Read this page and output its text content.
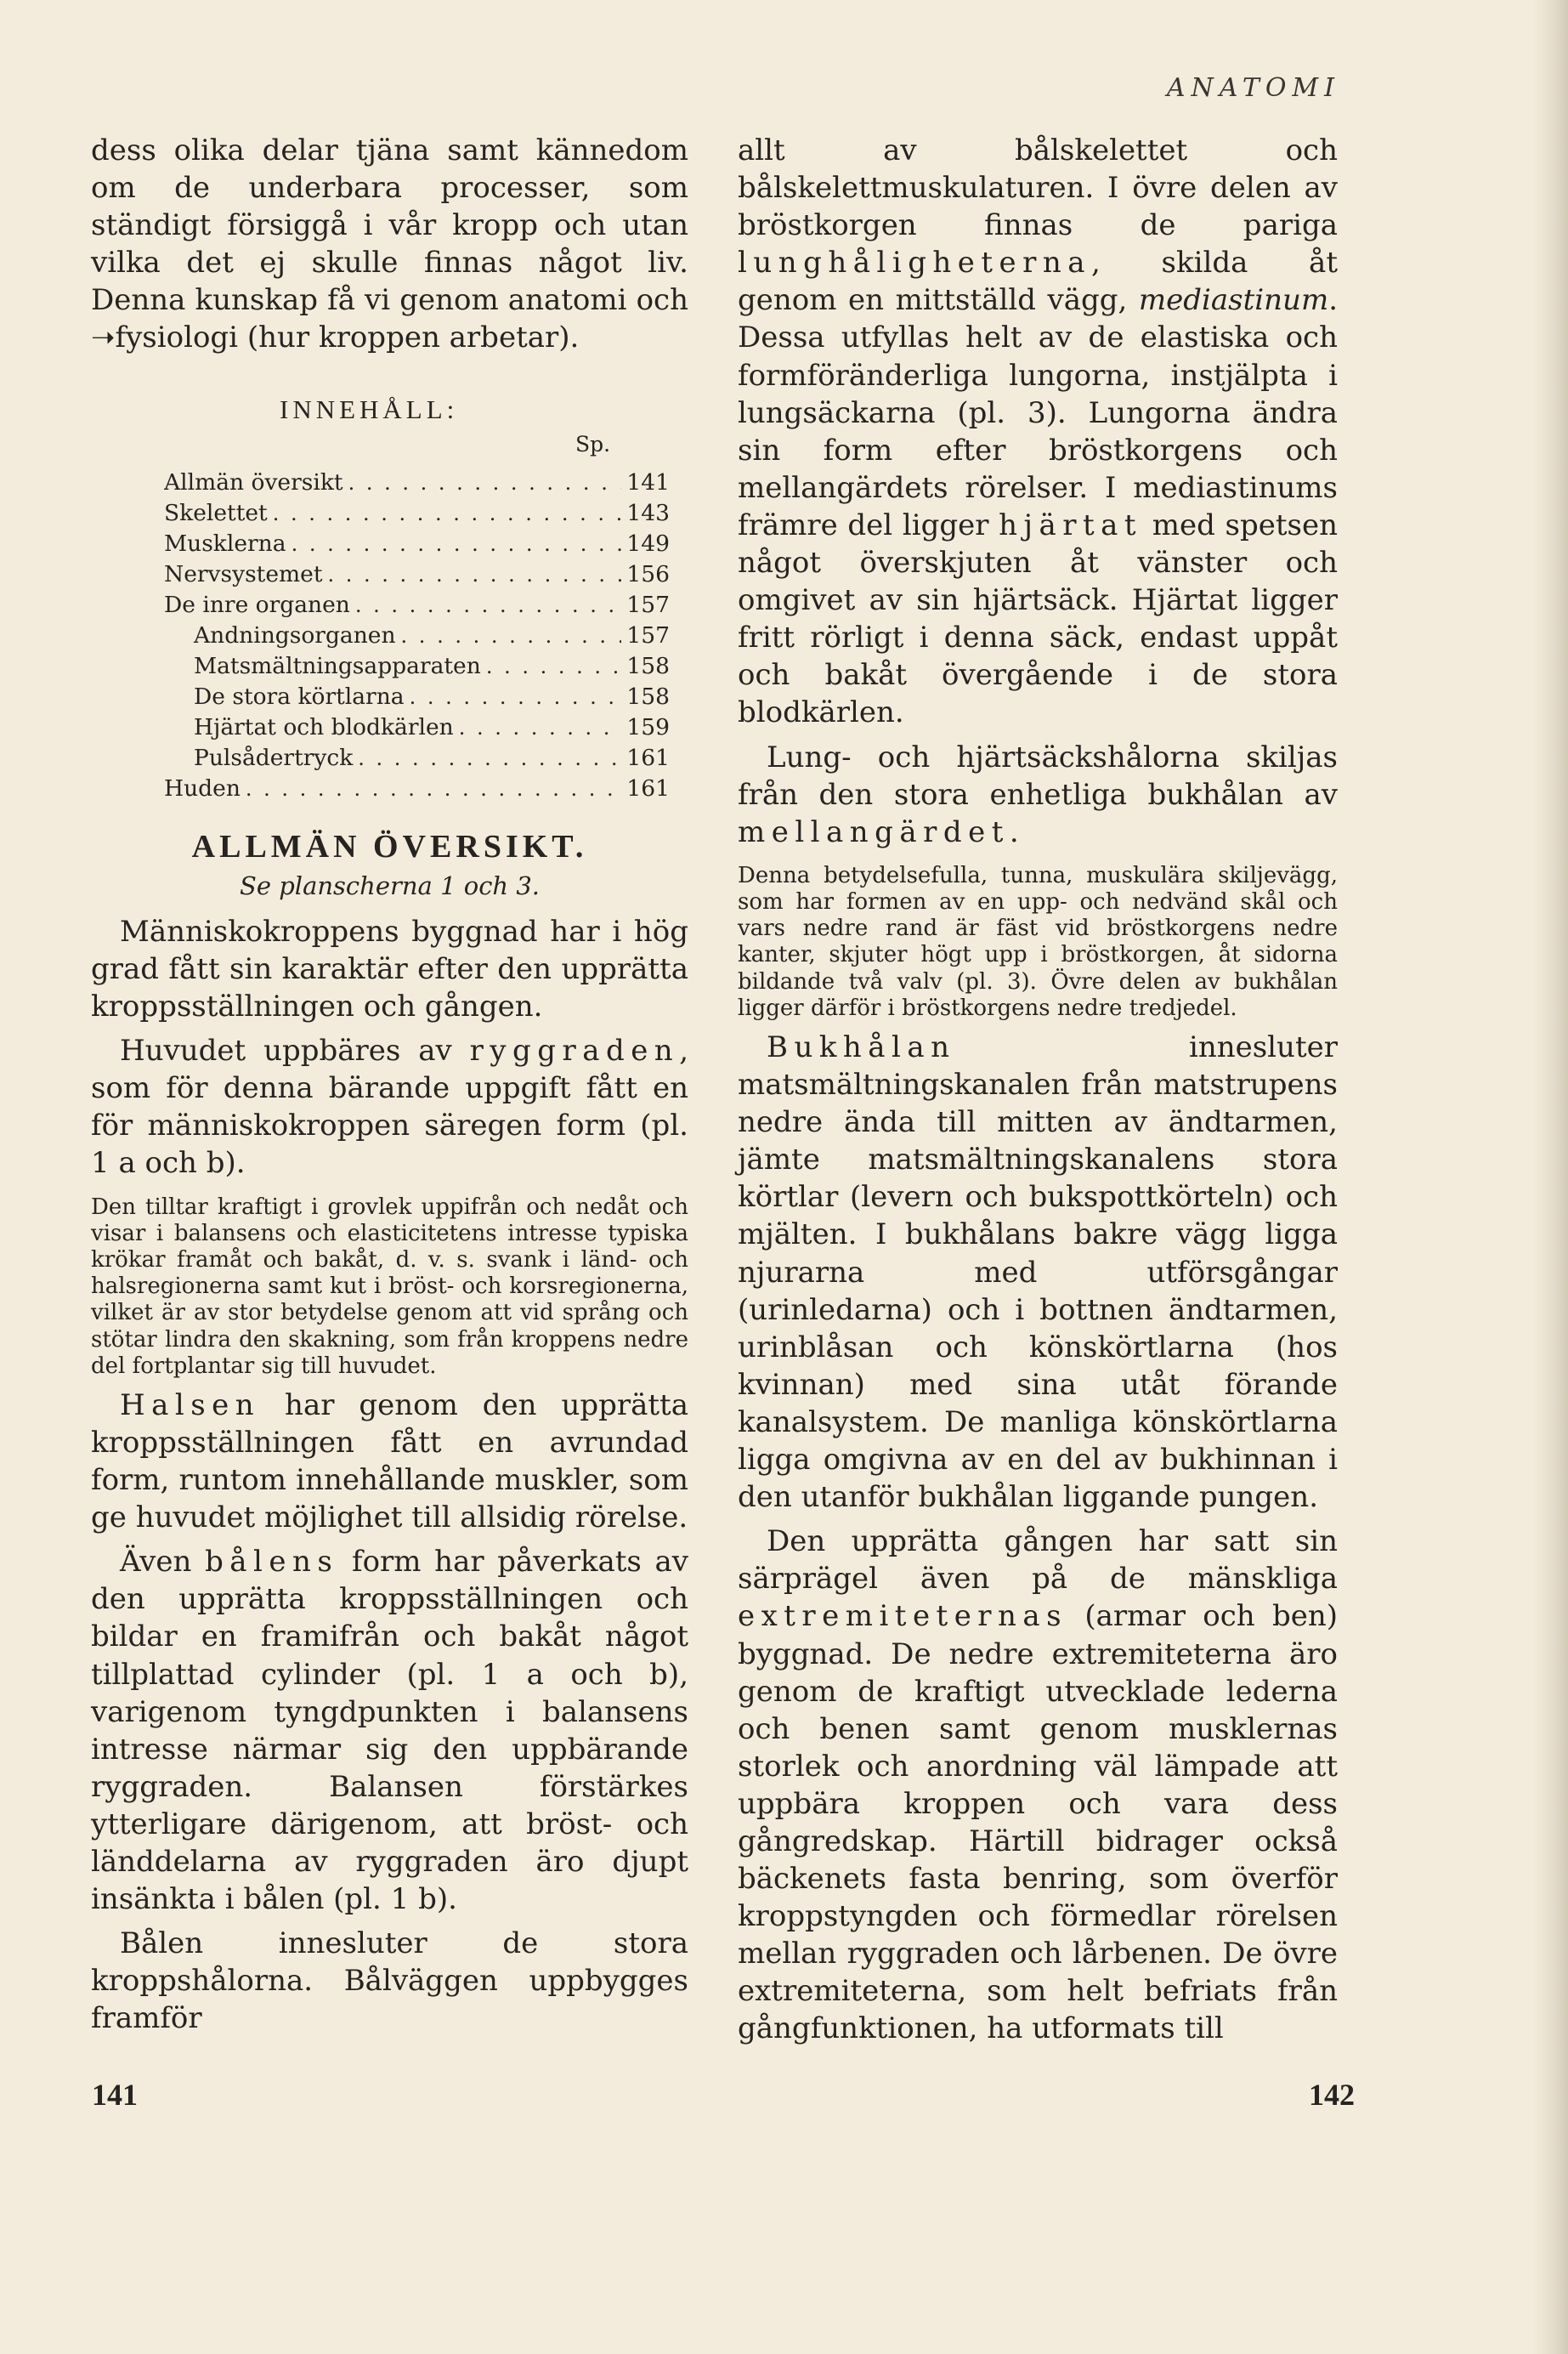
ANATOMI

dess olika delar tjäna samt kännedom om de underbara processer, som ständigt försiggå i vår kropp och utan vilka det ej skulle finnas något liv. Denna kunskap få vi genom anatomi och ➝fysiologi (hur kroppen arbetar).

INNEHÅLL:
Sp.
Allmän översikt . . .	141
Skelettet . . .	143
Musklerna . . .	149
Nervsystemet . . .	156
De inre organen . . .	157
Andningsorganen . . .	157
Matsmältningsapparaten . . .	158
De stora körtlarna . . .	158
Hjärtat och blodkärlen . . .	159
Pulsådertryck . . .	161
Huden . . .	161
ALLMÄN ÖVERSIKT.
Se planscherna 1 och 3.

Människokroppens byggnad har i hög grad fått sin karaktär efter den upprätta kroppsställningen och gången.

Huvudet uppbäres av ryggraden, som för denna bärande uppgift fått en för människokroppen säregen form (pl. 1 a och b).

Den tilltar kraftigt i grovlek uppifrån och nedåt och visar i balansens och elasticitetens intresse typiska krökar framåt och bakåt, d. v. s. svank i länd- och halsregionerna samt kut i bröst- och korsregionerna, vilket är av stor betydelse genom att vid språng och stötar lindra den skakning, som från kroppens nedre del fortplantar sig till huvudet.

Halsen har genom den upprätta kroppsställningen fått en avrundad form, runtom innehållande muskler, som ge huvudet möjlighet till allsidig rörelse.

Även bålens form har påverkats av den upprätta kroppsställningen och bildar en framifrån och bakåt något tillplattad cylinder (pl. 1 a och b), varigenom tyngdpunkten i balansens intresse närmar sig den uppbärande ryggraden. Balansen förstärkes ytterligare därigenom, att bröst- och länddelarna av ryggraden äro djupt insänkta i bålen (pl. 1 b).

Bålen innesluter de stora kroppshålorna. Bålväggen uppbygges framför

allt av bålskelettet och bålskelettmuskulaturen. I övre delen av bröstkorgen finnas de pariga lunghåligheterna, skilda åt genom en mittställd vägg, mediastinum. Dessa utfyllas helt av de elastiska och formföränderliga lungorna, instjälpta i lungsäckarna (pl. 3). Lungorna ändra sin form efter bröstkorgens och mellangärdets rörelser. I mediastinums främre del ligger hjärtat med spetsen något överskjuten åt vänster och omgivet av sin hjärtsäck. Hjärtat ligger fritt rörligt i denna säck, endast uppåt och bakåt övergående i de stora blodkärlen.

Lung- och hjärtsäckshålorna skiljas från den stora enhetliga bukhålan av mellangärdet.

Denna betydelsefulla, tunna, muskulära skiljevägg, som har formen av en upp- och nedvänd skål och vars nedre rand är fäst vid bröstkorgens nedre kanter, skjuter högt upp i bröstkorgen, åt sidorna bildande två valv (pl. 3). Övre delen av bukhålan ligger därför i bröstkorgens nedre tredjedel.

Bukhålan innesluter matsmältningskanalen från matstrupens nedre ända till mitten av ändtarmen, jämte matsmältningskanalens stora körtlar (levern och bukspottkörteln) och mjälten. I bukhålans bakre vägg ligga njurarna med utförsgångar (urinledarna) och i bottnen ändtarmen, urinblåsan och könskörtlarna (hos kvinnan) med sina utåt förande kanalsystem. De manliga könskörtlarna ligga omgivna av en del av bukhinnan i den utanför bukhålan liggande pungen.

Den upprätta gången har satt sin särprägel även på de mänskliga extremiteternas (armar och ben) byggnad. De nedre extremiteterna äro genom de kraftigt utvecklade lederna och benen samt genom musklernas storlek och anordning väl lämpade att uppbära kroppen och vara dess gångredskap. Härtill bidrager också bäckenets fasta benring, som överför kroppstyngden och förmedlar rörelsen mellan ryggraden och lårbenen. De övre extremiteterna, som helt befriats från gångfunktionen, ha utformats till

141	142
